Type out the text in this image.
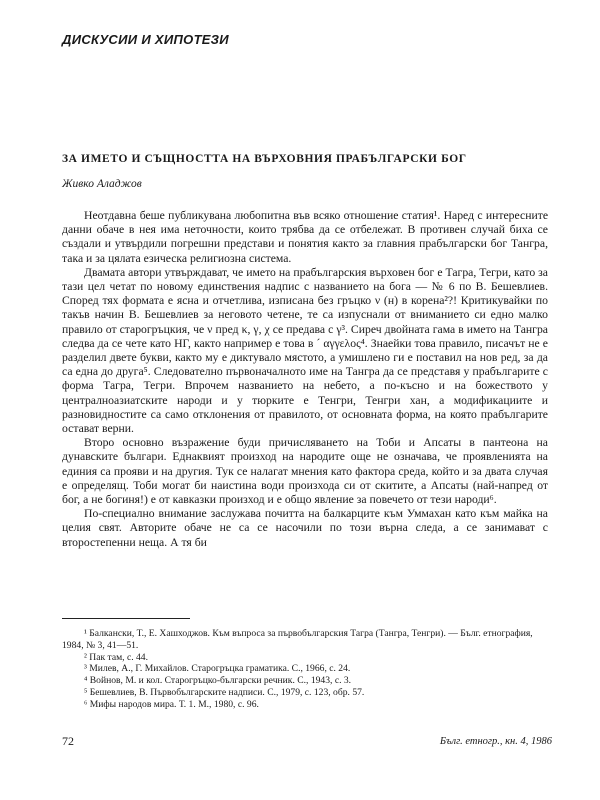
ДИСКУСИИ И ХИПОТЕЗИ
ЗА ИМЕТО И СЪЩНОСТТА НА ВЪРХОВНИЯ ПРАБЪЛГАРСКИ БОГ
Живко Аладжов

Неотдавна беше публикувана любопитна във всяко отношение статия¹. Наред с интересните данни обаче в нея има неточности, които трябва да се отбележат. В противен случай биха се създали и утвърдили погрешни представи и понятия както за главния прабългарски бог Тангра, така и за цялата езическа религиозна система.

Двамата автори утвърждават, че името на прабългарския върховен бог е Тагра, Тегри, като за тази цел четат по новому единствения надпис с названието на бога — № 6 по В. Бешевлиев. Според тях формата е ясна и отчетлива, изписана без гръцко ν (н) в корена²?! Критикувайки по такъв начин В. Бешевлиев за неговото четене, те са изпуснали от вниманието си едно малко правило от старогръцкия, че ν пред κ, γ, χ се предава с γ³. Сиреч двойната гама в името на Тангра следва да се чете като НГ, както например е това в ´ αγγελος⁴. Знаейки това правило, писачът не е разделил двете букви, както му е диктувало мястото, а умишлено ги е поставил на нов ред, за да са една до друга⁵. Следователно първоначалното име на Тангра да се представя у прабългарите с форма Тагра, Тегри. Впрочем названието на небето, а по-късно и на божеството у централноазиатските народи и у тюрките е Тенгри, Тенгри хан, а модификациите и разновидностите са само отклонения от правилото, от основната форма, на която прабългарите остават верни.

Второ основно възражение буди причисляването на Тоби и Апсаты в пантеона на дунавските българи. Еднаквият произход на народите още не означава, че проявленията на единия са прояви и на другия. Тук се налагат мнения като фактора среда, който и за двата случая е определящ. Тоби могат би наистина води произхода си от скитите, а Апсаты (най-напред от бог, а не богиня!) е от кавказки произход и е общо явление за повечето от тези народи⁶.

По-специално внимание заслужава почитта на балкарците към Уммахан като към майка на целия свят. Авторите обаче не са се насочили по този върна следа, а се занимават с второстепенни неща. А тя би

¹ Балкански, Т., Е. Хашходжов. Към въпроса за първобългарския Тагра (Тангра, Тенгри). — Бълг. етнография, 1984, № 3, 41—51.

² Пак там, с. 44.

³ Милев, А., Г. Михайлов. Старогръцка граматика. С., 1966, с. 24.

⁴ Войнов, М. и кол. Старогръцко-български речник. С., 1943, с. 3.

⁵ Бешевлиев, В. Първобългарските надписи. С., 1979, с. 123, обр. 57.

⁶ Мифы народов мира. Т. 1. М., 1980, с. 96.

72	Бълг. етногр., кн. 4, 1986
